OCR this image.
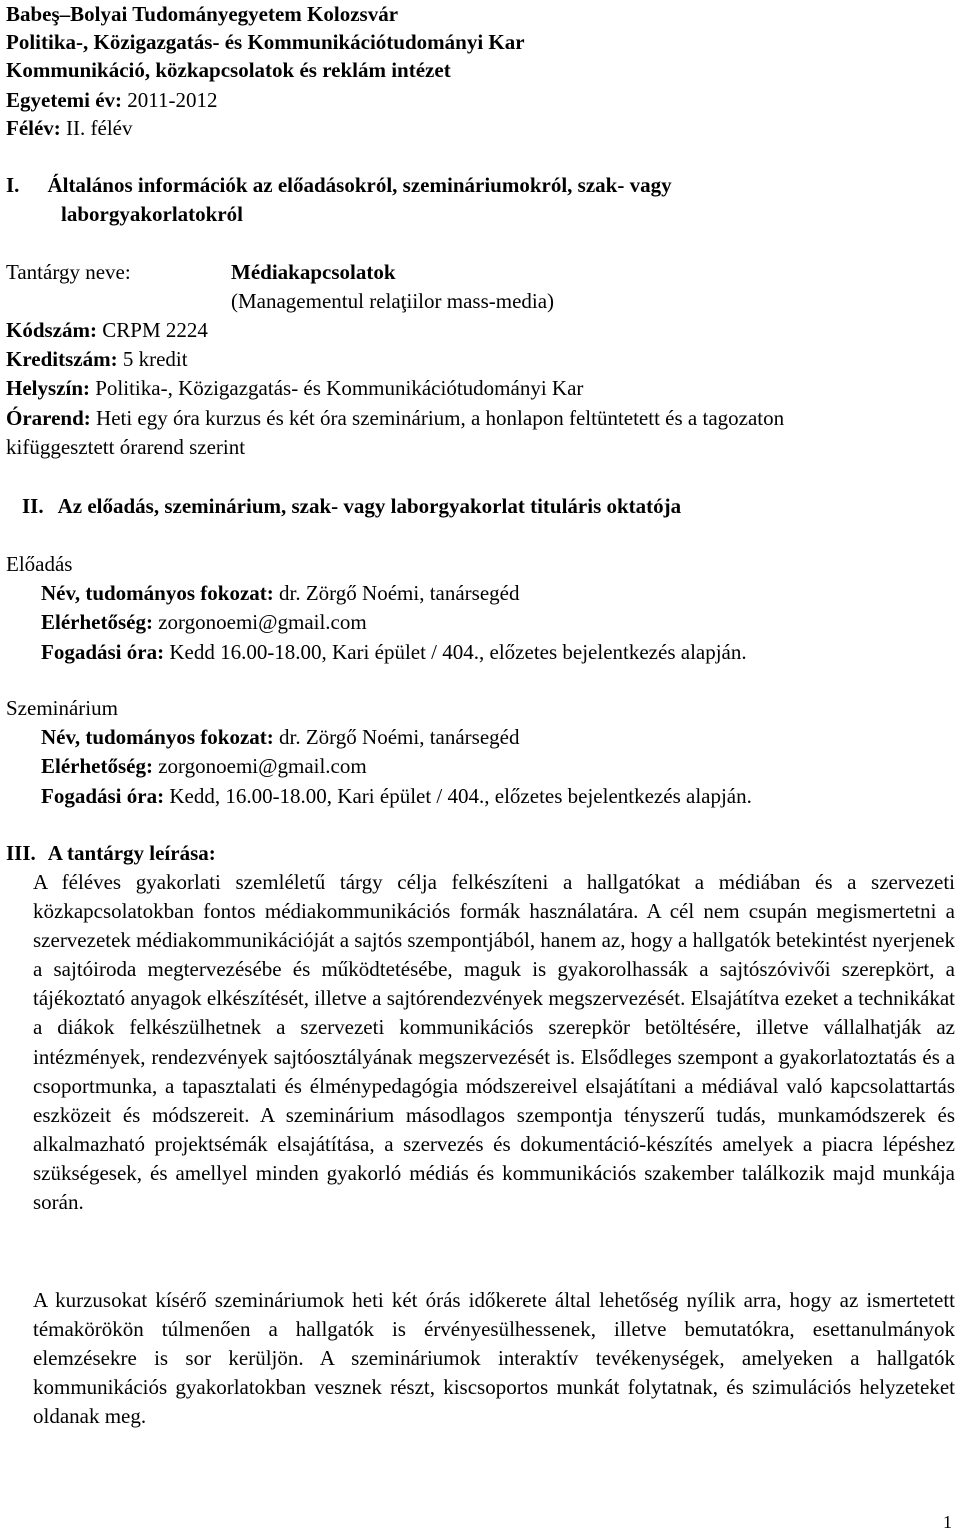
Babeş–Bolyai Tudományegyetem Kolozsvár
Politika-, Közigazgatás- és Kommunikációtudományi Kar
Kommunikáció, közkapcsolatok és reklám intézet
Egyetemi év: 2011-2012
Félév: II. félév
I. Általános információk az előadásokról, szemináriumokról, szak- vagy
laborgyakorlatokról
Tantárgy neve:	Médiakapcsolatok
(Managementul relaţiilor mass-media)
Kódszám: CRPM 2224
Kreditszám: 5 kredit
Helyszín: Politika-, Közigazgatás- és Kommunikációtudományi Kar
Órarend: Heti egy óra kurzus és két óra szeminárium, a honlapon feltüntetett és a tagozaton
kifüggesztett órarend szerint
II. Az előadás, szeminárium, szak- vagy laborgyakorlat tituláris oktatója
Előadás
Név, tudományos fokozat: dr. Zörgő Noémi, tanársegéd
Elérhetőség: zorgonoemi@gmail.com
Fogadási óra: Kedd 16.00-18.00, Kari épület / 404., előzetes bejelentkezés alapján.
Szeminárium
Név, tudományos fokozat: dr. Zörgő Noémi, tanársegéd
Elérhetőség: zorgonoemi@gmail.com
Fogadási óra: Kedd, 16.00-18.00, Kari épület / 404., előzetes bejelentkezés alapján.
III. A tantárgy leírása:
A féléves gyakorlati szemléletű tárgy célja felkészíteni a hallgatókat a médiában és a szervezeti közkapcsolatokban fontos médiakommunikációs formák használatára. A cél nem csupán megismertetni a szervezetek médiakommunikációját a sajtós szempontjából, hanem az, hogy a hallgatók betekintést nyerjenek a sajtóiroda megtervezésébe és működtetésébe, maguk is gyakorolhassák a sajtószóvivői szerepkört, a tájékoztató anyagok elkészítését, illetve a sajtórendezvények megszervezését. Elsajátítva ezeket a technikákat a diákok felkészülhetnek a szervezeti kommunikációs szerepkör betöltésére, illetve vállalhatják az intézmények, rendezvények sajtóosztályának megszervezését is. Elsődleges szempont a gyakorlatoztatás és a csoportmunka, a tapasztalati és élménypedagógia módszereivel elsajátítani a médiával való kapcsolattartás eszközeit és módszereit. A szeminárium másodlagos szempontja tényszerű tudás, munkamódszerek és alkalmazható projektsémák elsajátítása, a szervezés és dokumentáció-készítés amelyek a piacra lépéshez szükségesek, és amellyel minden gyakorló médiás és kommunikációs szakember találkozik majd munkája során.
A kurzusokat kísérő szemináriumok heti két órás időkerete által lehetőség nyílik arra, hogy az ismertetett témakörökön túlmenően a hallgatók is érvényesülhessenek, illetve bemutatókra, esettanulmányok elemzésekre is sor kerüljön. A szemináriumok interaktív tevékenységek, amelyeken a hallgatók kommunikációs gyakorlatokban vesznek részt, kiscsoportos munkát folytatnak, és szimulációs helyzeteket oldanak meg.
1
